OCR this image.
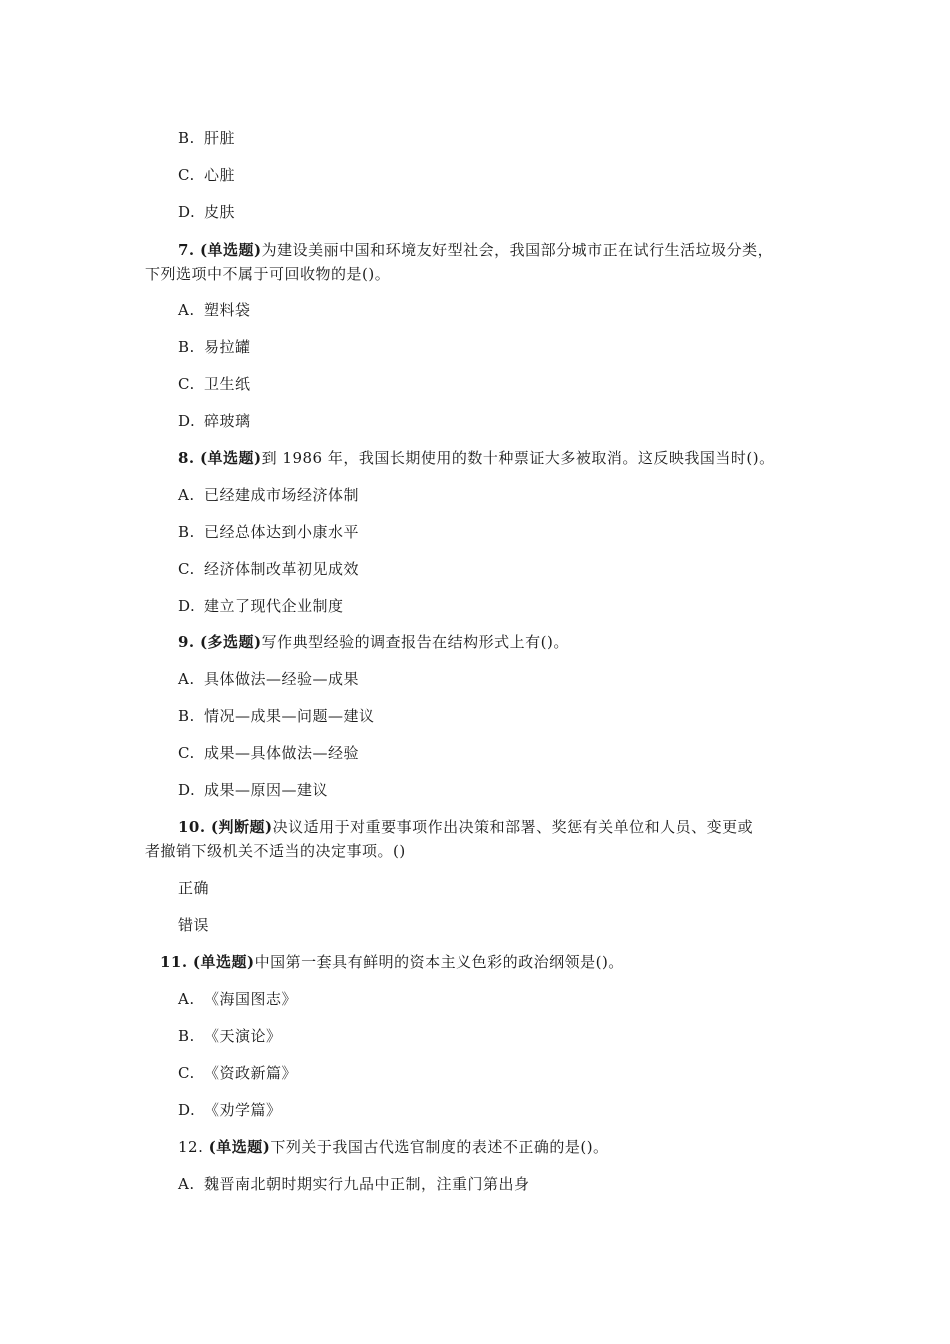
B. 肝脏
C. 心脏
D. 皮肤
7. (单选题)为建设美丽中国和环境友好型社会，我国部分城市正在试行生活垃圾分类，
下列选项中不属于可回收物的是()。
A. 塑料袋
B. 易拉罐
C. 卫生纸
D. 碎玻璃
8. (单选题)到 1986 年，我国长期使用的数十种票证大多被取消。这反映我国当时()。
A. 已经建成市场经济体制
B. 已经总体达到小康水平
C. 经济体制改革初见成效
D. 建立了现代企业制度
9. (多选题)写作典型经验的调查报告在结构形式上有()。
A. 具体做法—经验—成果
B. 情况—成果—问题—建议
C. 成果—具体做法—经验
D. 成果—原因—建议
10. (判断题)决议适用于对重要事项作出决策和部署、奖惩有关单位和人员、变更或
者撤销下级机关不适当的决定事项。()
正确
错误
11. (单选题)中国第一套具有鲜明的资本主义色彩的政治纲领是()。
A. 《海国图志》
B. 《天演论》
C. 《资政新篇》
D. 《劝学篇》
12. (单选题)下列关于我国古代选官制度的表述不正确的是()。
A. 魏晋南北朝时期实行九品中正制，注重门第出身
